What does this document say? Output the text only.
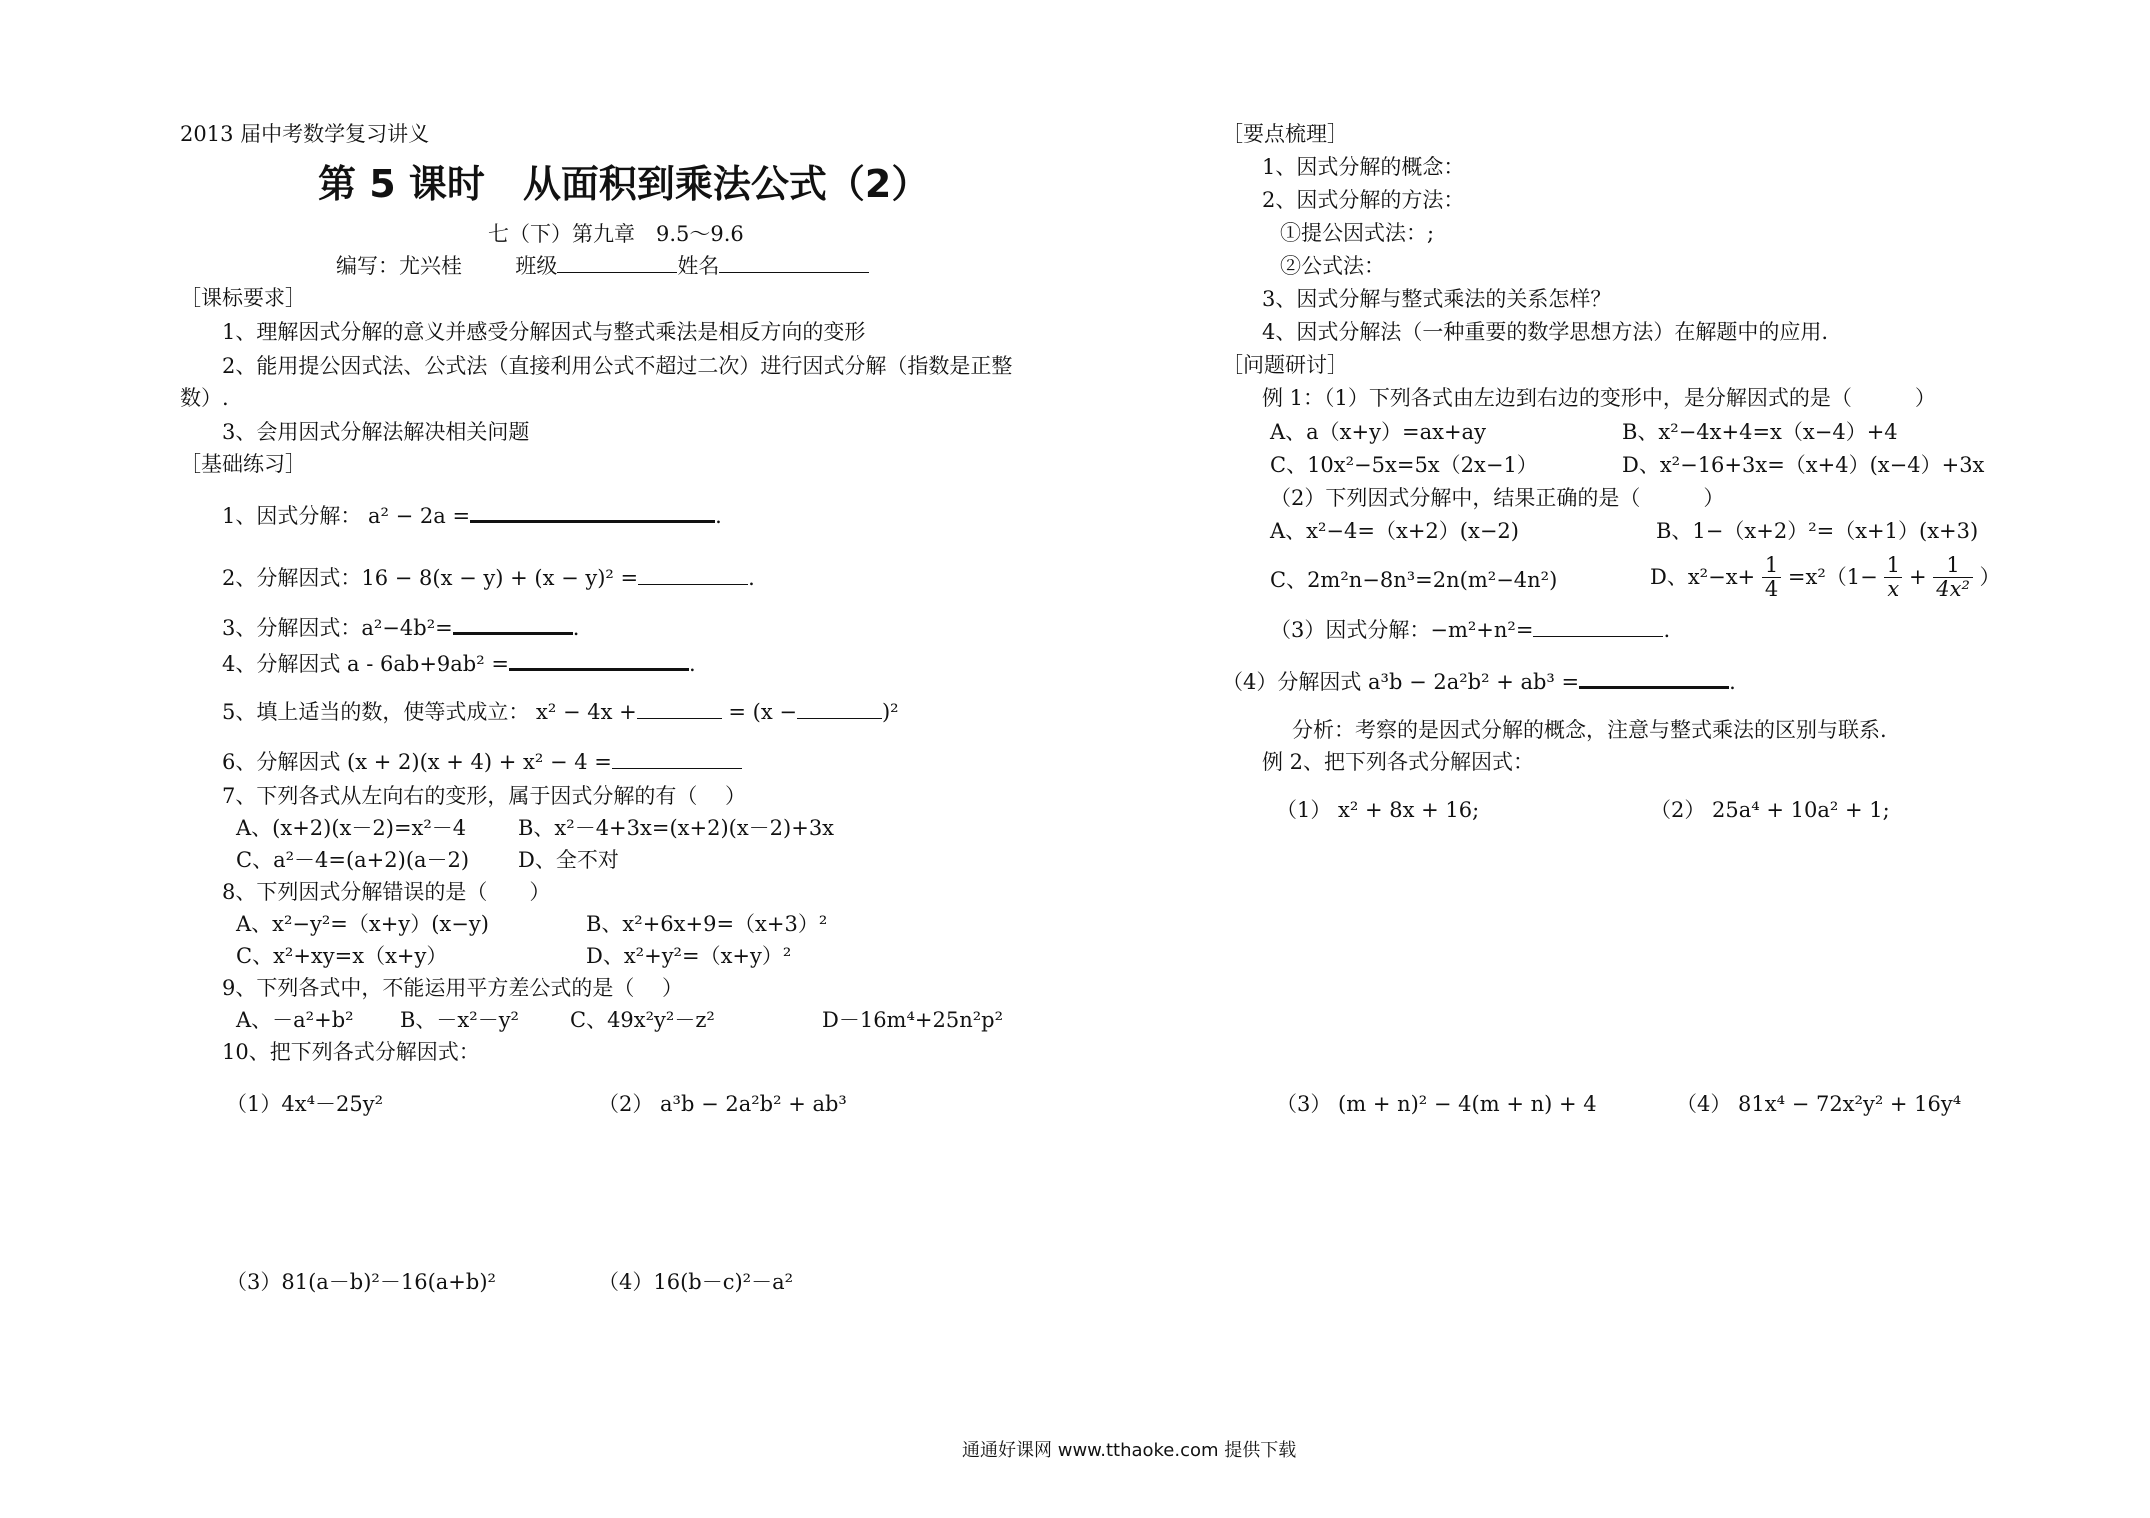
2013 届中考数学复习讲义
第 5 课时　从面积到乘法公式（2）
七（下）第九章　9.5～9.6
编写：尤兴桂	班级	姓名
［课标要求］
1、理解因式分解的意义并感受分解因式与整式乘法是相反方向的变形
2、能用提公因式法、公式法（直接利用公式不超过二次）进行因式分解（指数是正整
数）.
3、会用因式分解法解决相关问题
［基础练习］
1、因式分解： a² − 2a =	.
2、分解因式：16 − 8(x − y) + (x − y)² =	.
3、分解因式：a²−4b²=	.
4、分解因式 a - 6ab+9ab² =	.
5、填上适当的数，使等式成立： x² − 4x +	= (x −	)²
6、分解因式 (x + 2)(x + 4) + x² − 4 =
7、下列各式从左向右的变形，属于因式分解的有（　 ）
A、(x+2)(x－2)=x²－4 B、x²－4+3x=(x+2)(x－2)+3x
C、a²－4=(a+2)(a－2) D、全不对
8、下列因式分解错误的是（　　）
A、x²−y²=（x+y）(x−y)	B、x²+6x+9=（x+3）²
C、x²+xy=x（x+y）	D、x²+y²=（x+y）²
9、下列各式中，不能运用平方差公式的是（　 ）
A、－a²+b² B、－x²－y² C、49x²y²－z²	D－16m⁴+25n²p²
10、把下列各式分解因式：
（1）4x⁴－25y²	（2） a³b − 2a²b² + ab³
（3）81(a－b)²－16(a+b)²	（4）16(b－c)²－a²
［要点梳理］
1、因式分解的概念：
2、因式分解的方法：
①提公因式法：;
②公式法：
3、因式分解与整式乘法的关系怎样？
4、因式分解法（一种重要的数学思想方法）在解题中的应用.
［问题研讨］
例 1：（1）下列各式由左边到右边的变形中，是分解因式的是（　　　）
A、a（x+y）=ax+ay	B、x²−4x+4=x（x−4）+4
C、10x²−5x=5x（2x−1）	D、x²−16+3x=（x+4）(x−4）+3x
（2）下列因式分解中，结果正确的是（　　　）
A、x²−4=（x+2）(x−2)	B、1−（x+2）²=（x+1）(x+3)
C、2m²n−8n³=2n(m²−4n²)	D、$x^2-x+ \frac{1}{4} =x^2(1- \frac{1}{x} + \frac{1}{\text{4x²}}$ ）
（3）因式分解：−m²+n²=	.
（4）分解因式 a³b − 2a²b² + ab³ =	.
分析：考察的是因式分解的概念，注意与整式乘法的区别与联系.
例 2、把下列各式分解因式：
（1） x² + 8x + 16;	（2） 25a⁴ + 10a² + 1;
（3） (m + n)² − 4(m + n) + 4	（4） 81x⁴ − 72x²y² + 16y⁴
通通好课网 www.tthaoke.com 提供下载
